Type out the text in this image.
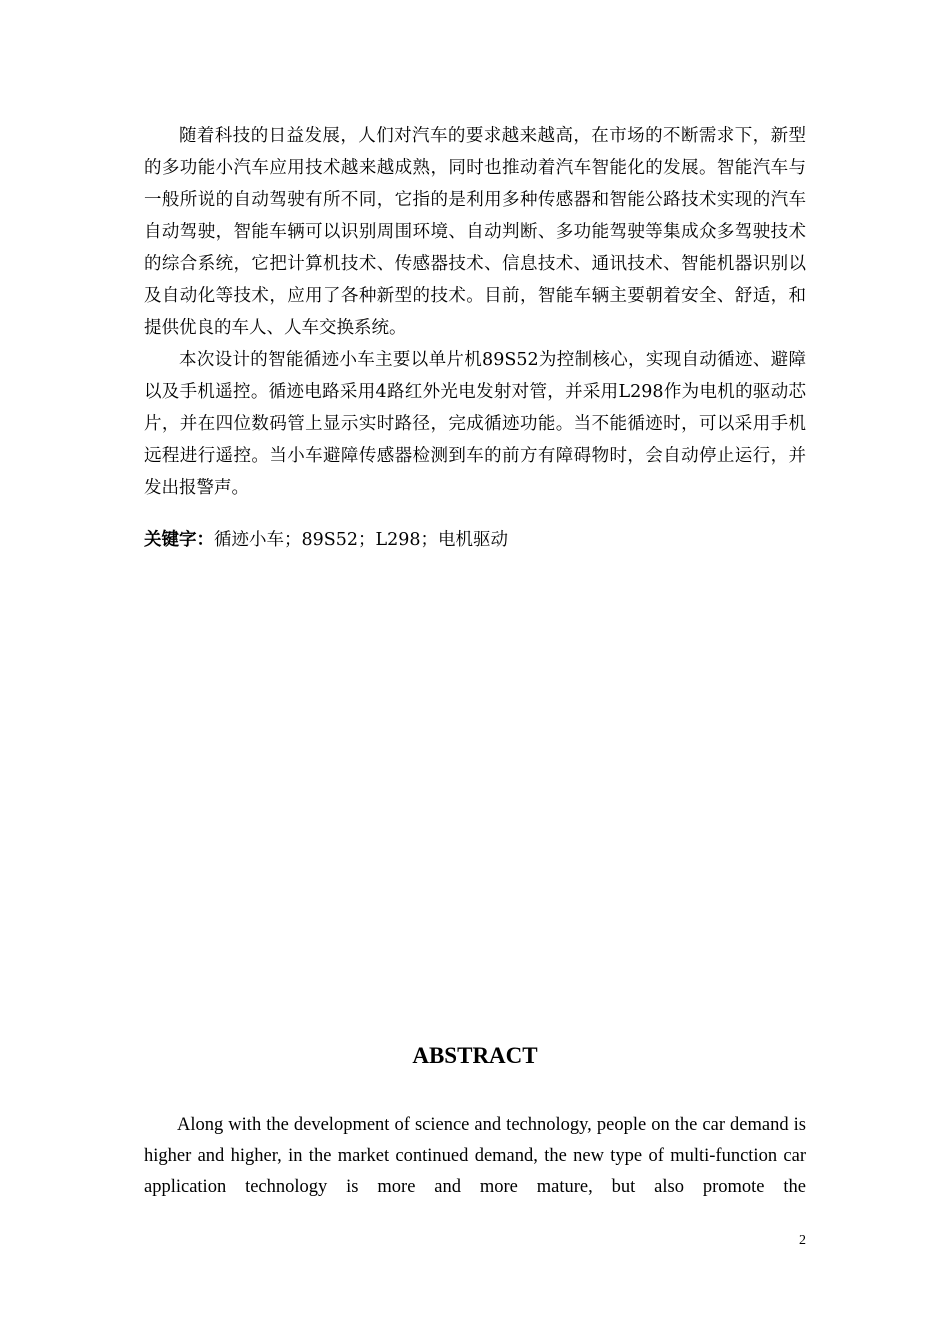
随着科技的日益发展，人们对汽车的要求越来越高，在市场的不断需求下，新型的多功能小汽车应用技术越来越成熟，同时也推动着汽车智能化的发展。智能汽车与一般所说的自动驾驶有所不同，它指的是利用多种传感器和智能公路技术实现的汽车自动驾驶，智能车辆可以识别周围环境、自动判断、多功能驾驶等集成众多驾驶技术的综合系统，它把计算机技术、传感器技术、信息技术、通讯技术、智能机器识别以及自动化等技术，应用了各种新型的技术。目前，智能车辆主要朝着安全、舒适，和提供优良的车人、人车交换系统。

本次设计的智能循迹小车主要以单片机89S52为控制核心，实现自动循迹、避障以及手机遥控。循迹电路采用4路红外光电发射对管，并采用L298作为电机的驱动芯片，并在四位数码管上显示实时路径，完成循迹功能。当不能循迹时，可以采用手机远程进行遥控。当小车避障传感器检测到车的前方有障碍物时，会自动停止运行，并发出报警声。

关键字：循迹小车；89S52；L298；电机驱动
ABSTRACT

Along with the development of science and technology, people on the car demand is higher and higher, in the market continued demand, the new type of multi-function car application technology is more and more mature, but also promote the

2
